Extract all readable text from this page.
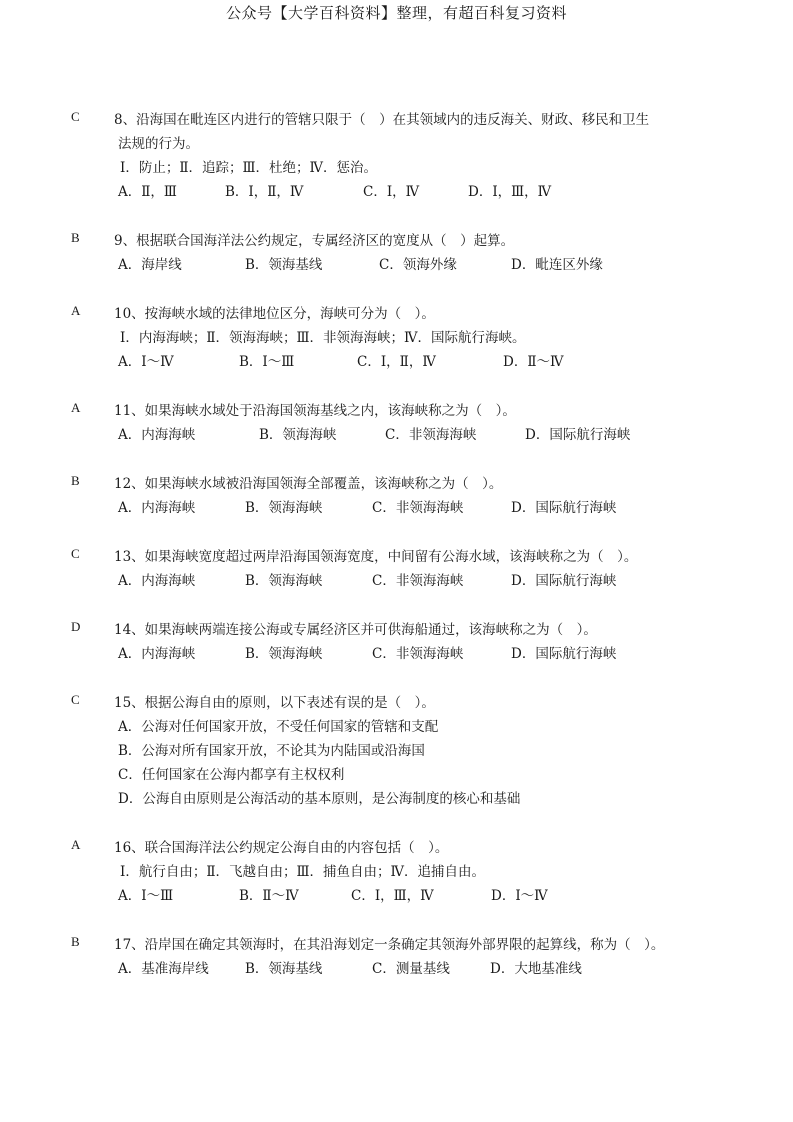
公众号【大学百科资料】整理，有超百科复习资料
C	8、沿海国在毗连区内进行的管辖只限于（　）在其领域内的违反海关、财政、移民和卫生
法规的行为。
Ⅰ．防止；Ⅱ．追踪；Ⅲ．杜绝；Ⅳ．惩治。
A．Ⅱ，Ⅲ	B．Ⅰ，Ⅱ，Ⅳ	C．Ⅰ，Ⅳ	D．Ⅰ，Ⅲ，Ⅳ
B	9、根据联合国海洋法公约规定，专属经济区的宽度从（　）起算。
A．海岸线	B．领海基线	C．领海外缘	D．毗连区外缘
A	10、按海峡水域的法律地位区分，海峡可分为（　）。
Ⅰ．内海海峡；Ⅱ．领海海峡；Ⅲ．非领海海峡；Ⅳ．国际航行海峡。
A．Ⅰ～Ⅳ	B．Ⅰ～Ⅲ	C．Ⅰ，Ⅱ，Ⅳ	D．Ⅱ～Ⅳ
A	11、如果海峡水域处于沿海国领海基线之内，该海峡称之为（　）。
A．内海海峡	B．领海海峡	C．非领海海峡	D．国际航行海峡
B	12、如果海峡水域被沿海国领海全部覆盖，该海峡称之为（　）。
A．内海海峡	B．领海海峡	C．非领海海峡	D．国际航行海峡
C	13、如果海峡宽度超过两岸沿海国领海宽度，中间留有公海水域，该海峡称之为（　）。
A．内海海峡	B．领海海峡	C．非领海海峡	D．国际航行海峡
D	14、如果海峡两端连接公海或专属经济区并可供海船通过，该海峡称之为（　）。
A．内海海峡	B．领海海峡	C．非领海海峡	D．国际航行海峡
C	15、根据公海自由的原则，以下表述有误的是（　）。
A．公海对任何国家开放，不受任何国家的管辖和支配
B．公海对所有国家开放，不论其为内陆国或沿海国
C．任何国家在公海内都享有主权权利
D．公海自由原则是公海活动的基本原则，是公海制度的核心和基础
A	16、联合国海洋法公约规定公海自由的内容包括（　）。
Ⅰ．航行自由；Ⅱ．飞越自由；Ⅲ．捕鱼自由；Ⅳ．追捕自由。
A．Ⅰ～Ⅲ	B．Ⅱ～Ⅳ	C．Ⅰ，Ⅲ，Ⅳ	D．Ⅰ～Ⅳ
B	17、沿岸国在确定其领海时，在其沿海划定一条确定其领海外部界限的起算线，称为（　）。
A．基准海岸线	B．领海基线	C．测量基线	D．大地基准线
